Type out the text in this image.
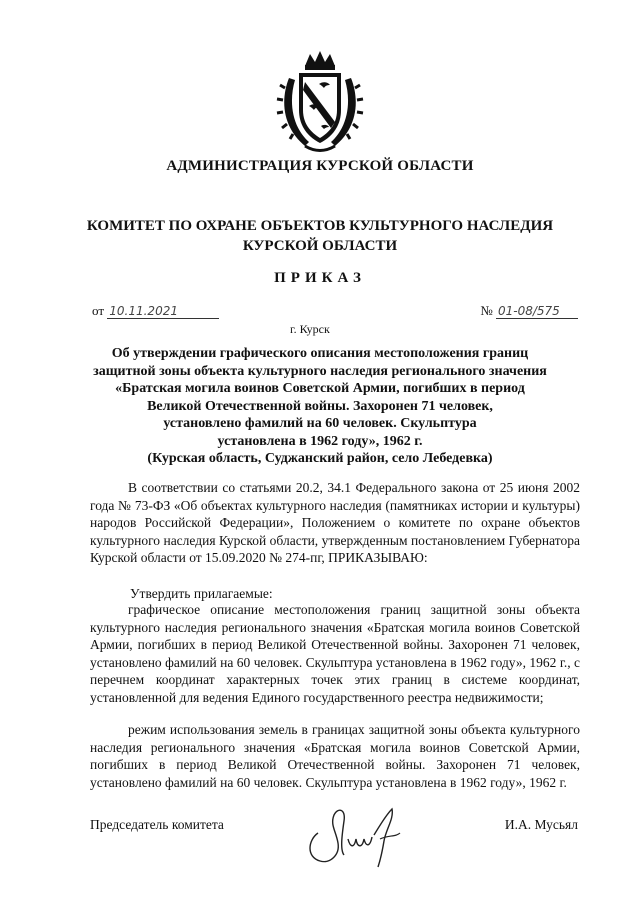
АДМИНИСТРАЦИЯ КУРСКОЙ ОБЛАСТИ
КОМИТЕТ ПО ОХРАНЕ ОБЪЕКТОВ КУЛЬТУРНОГО НАСЛЕДИЯ
КУРСКОЙ ОБЛАСТИ
ПРИКАЗ
от 10.11.2021	№ 01-08/575
г. Курск
Об утверждении графического описания местоположения границ
защитной зоны объекта культурного наследия регионального значения
«Братская могила воинов Советской Армии, погибших в период
Великой Отечественной войны. Захоронен 71 человек,
установлено фамилий на 60 человек. Скульптура
установлена в 1962 году», 1962 г.
(Курская область, Суджанский район, село Лебедевка)
В соответствии со статьями 20.2, 34.1 Федерального закона от 25 июня 2002 года № 73-ФЗ «Об объектах культурного наследия (памятниках истории и культуры) народов Российской Федерации», Положением о комитете по охране объектов культурного наследия Курской области, утвержденным постановлением Губернатора Курской области от 15.09.2020 № 274-пг, ПРИКАЗЫВАЮ:
Утвердить прилагаемые:
графическое описание местоположения границ защитной зоны объекта культурного наследия регионального значения «Братская могила воинов Советской Армии, погибших в период Великой Отечественной войны. Захоронен 71 человек, установлено фамилий на 60 человек. Скульптура установлена в 1962 году», 1962 г., с перечнем координат характерных точек этих границ в системе координат, установленной для ведения Единого государственного реестра недвижимости;
режим использования земель в границах защитной зоны объекта культурного наследия регионального значения «Братская могила воинов Советской Армии, погибших в период Великой Отечественной войны. Захоронен 71 человек, установлено фамилий на 60 человек. Скульптура установлена в 1962 году», 1962 г.
Председатель комитета	И.А. Мусьял
